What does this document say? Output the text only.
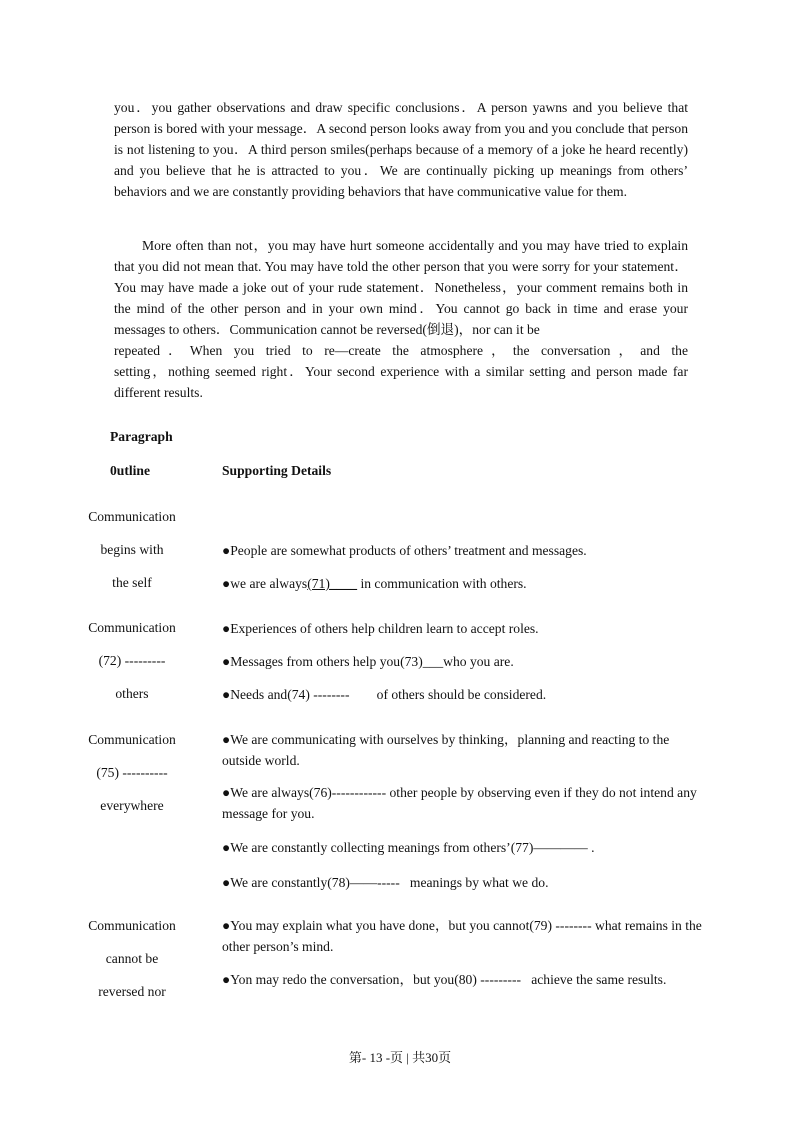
you．you gather observations and draw specific conclusions．A person yawns and you believe that person is bored with your message．A second person looks away from you and you conclude that person is not listening to you．A third person smiles(perhaps because of a memory of a joke he heard recently) and you believe that he is attracted to you．We are continually picking up meanings from others’ behaviors and we are constantly providing behaviors that have communicative value for them.

More often than not，you may have hurt someone accidentally and you may have tried to explain that you did not mean that. You may have told the other person that you were sorry for your statement．You may have made a joke out of your rude statement．Nonetheless，your comment remains both in the mind of the other person and in your own mind．You cannot go back in time and erase your messages to others．Communication cannot be reversed(倒退)，nor can it be
repeated．When you tried to re—create the atmosphere，the conversation，and the
setting，nothing seemed right．Your second experience with a similar setting and person made far different results.
Paragraph
0utline	Supporting Details
Communication
begins with
the self
●People are somewhat products of others’ treatment and messages.
●we are always(71)____ in communication with others.
Communication
(72) ---------
others
●Experiences of others help children learn to accept roles.
●Messages from others help you(73)___who you are.
●Needs and(74) --------        of others should be considered.
Communication
(75) ----------
everywhere
●We are communicating with ourselves by thinking，planning and reacting to the outside world.
●We are always(76)------------ other people by observing even if they do not intend any message for you.
●We are constantly collecting meanings from others’(77)———— .
●We are constantly(78)——-----   meanings by what we do.
Communication
cannot be
reversed nor
●You may explain what you have done，but you cannot(79) -------- what remains in the other person’s mind.
●Yon may redo the conversation，but you(80) ---------   achieve the same results.
第- 13 -页 | 共30页
